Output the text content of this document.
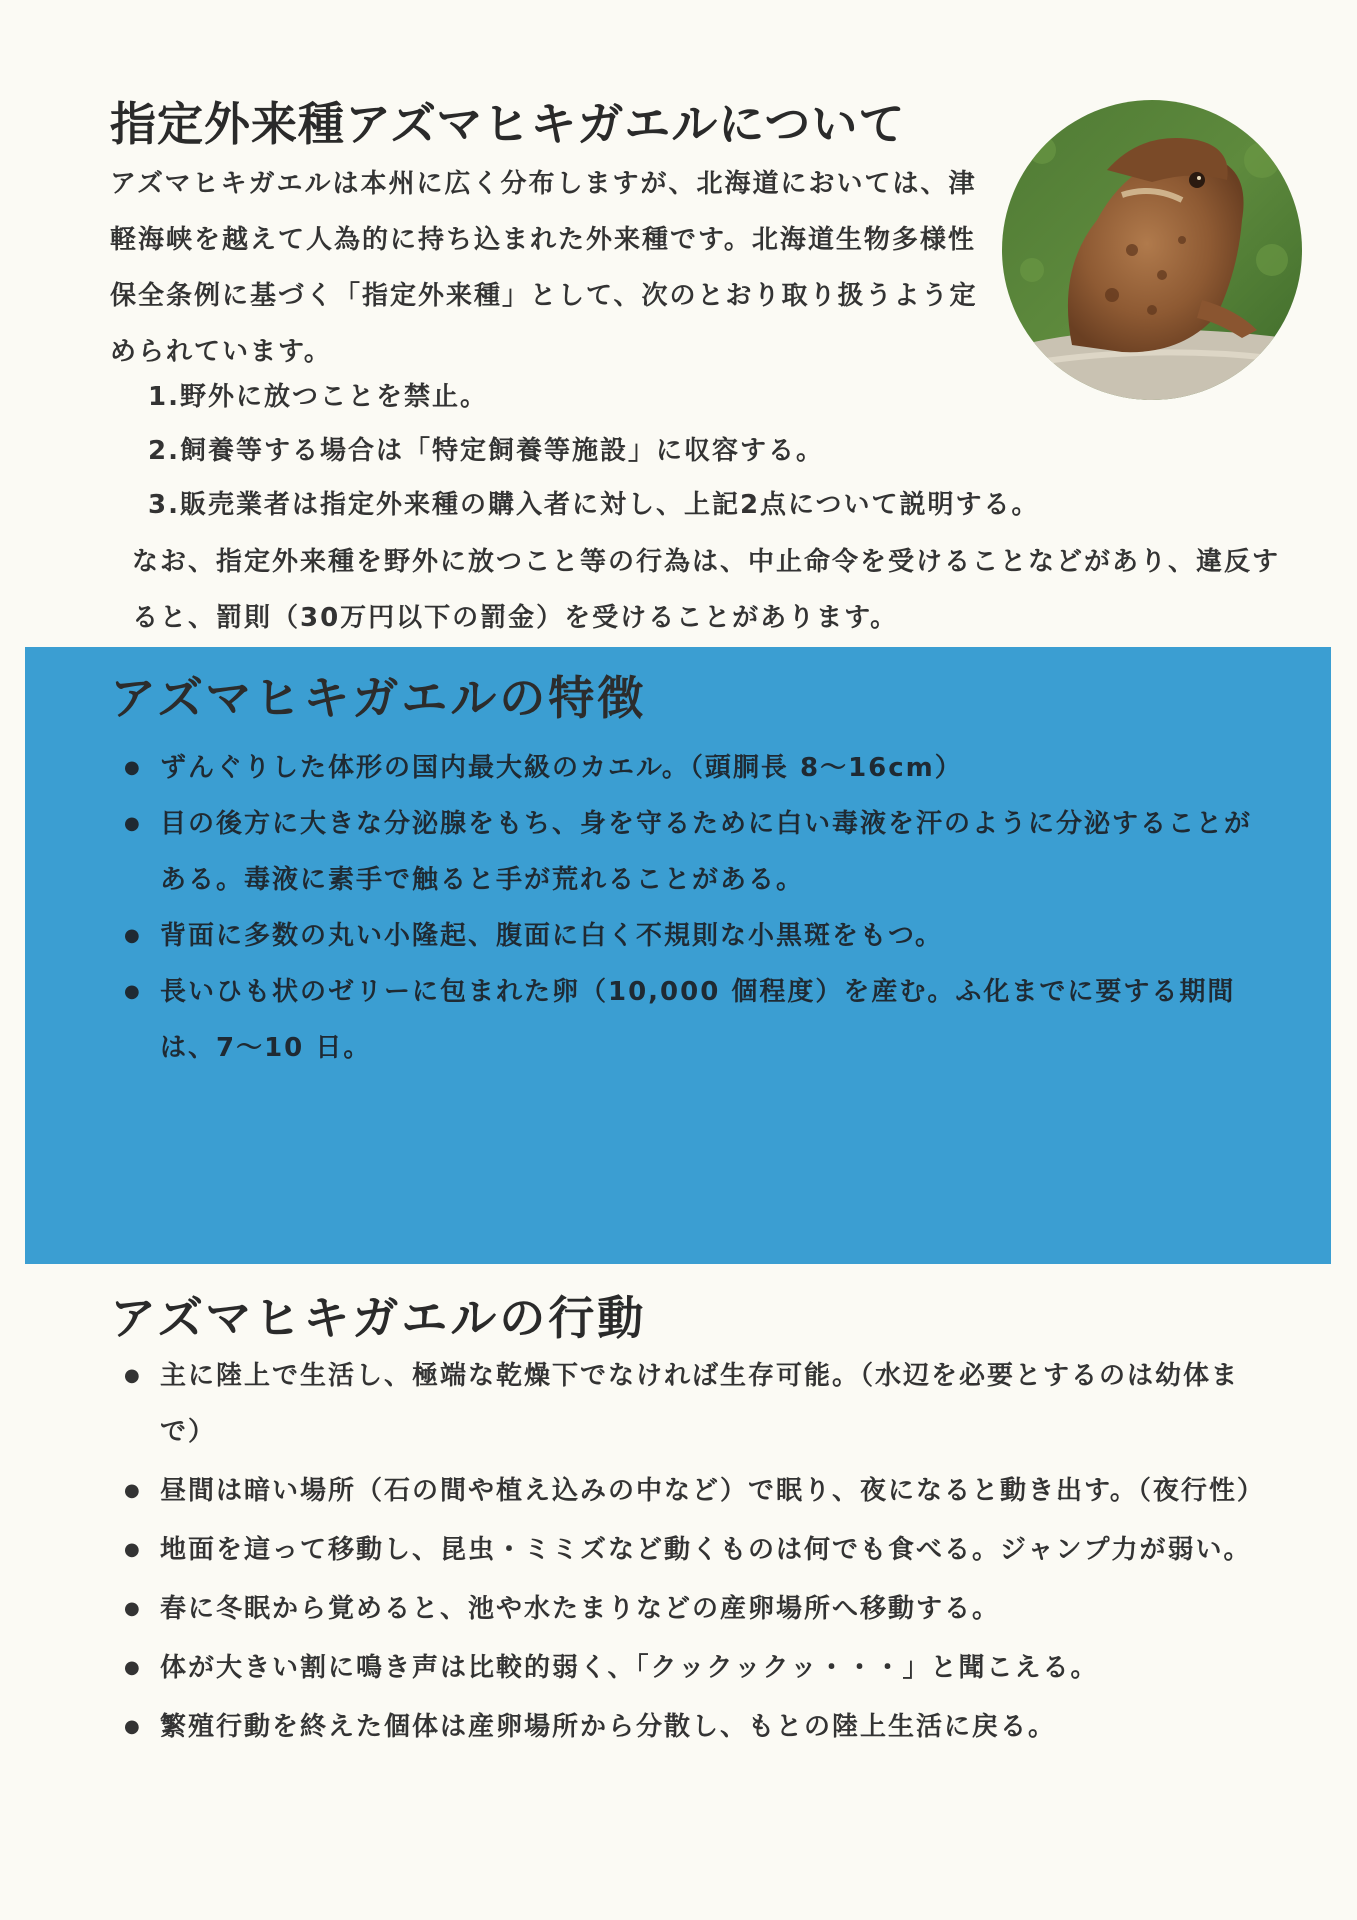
指定外来種アズマヒキガエルについて

アズマヒキガエルは本州に広く分布しますが、北海道においては、津軽海峡を越えて人為的に持ち込まれた外来種です。北海道生物多様性保全条例に基づく「指定外来種」として、次のとおり取り扱うよう定められています。

1.野外に放つことを禁止。
2.飼養等する場合は「特定飼養等施設」に収容する。
3.販売業者は指定外来種の購入者に対し、上記2点について説明する。

なお、指定外来種を野外に放つこと等の行為は、中止命令を受けることなどがあり、違反すると、罰則（30万円以下の罰金）を受けることがあります。

アズマヒキガエルの特徴
● ずんぐりした体形の国内最大級のカエル。（頭胴長 8～16cm）
● 目の後方に大きな分泌腺をもち、身を守るために白い毒液を汗のように分泌することがある。毒液に素手で触ると手が荒れることがある。
● 背面に多数の丸い小隆起、腹面に白く不規則な小黒斑をもつ。
● 長いひも状のゼリーに包まれた卵（10,000 個程度）を産む。ふ化までに要する期間 は、7～10 日。
アズマヒキガエルの行動
● 主に陸上で生活し、極端な乾燥下でなければ生存可能。（水辺を必要とするのは幼体まで）
● 昼間は暗い場所（石の間や植え込みの中など）で眠り、夜になると動き出す。（夜行性）
● 地面を這って移動し、昆虫・ミミズなど動くものは何でも食べる。ジャンプ力が弱い。
● 春に冬眠から覚めると、池や水たまりなどの産卵場所へ移動する。
● 体が大きい割に鳴き声は比較的弱く、「クックックッ・・・」と聞こえる。
● 繁殖行動を終えた個体は産卵場所から分散し、もとの陸上生活に戻る。
